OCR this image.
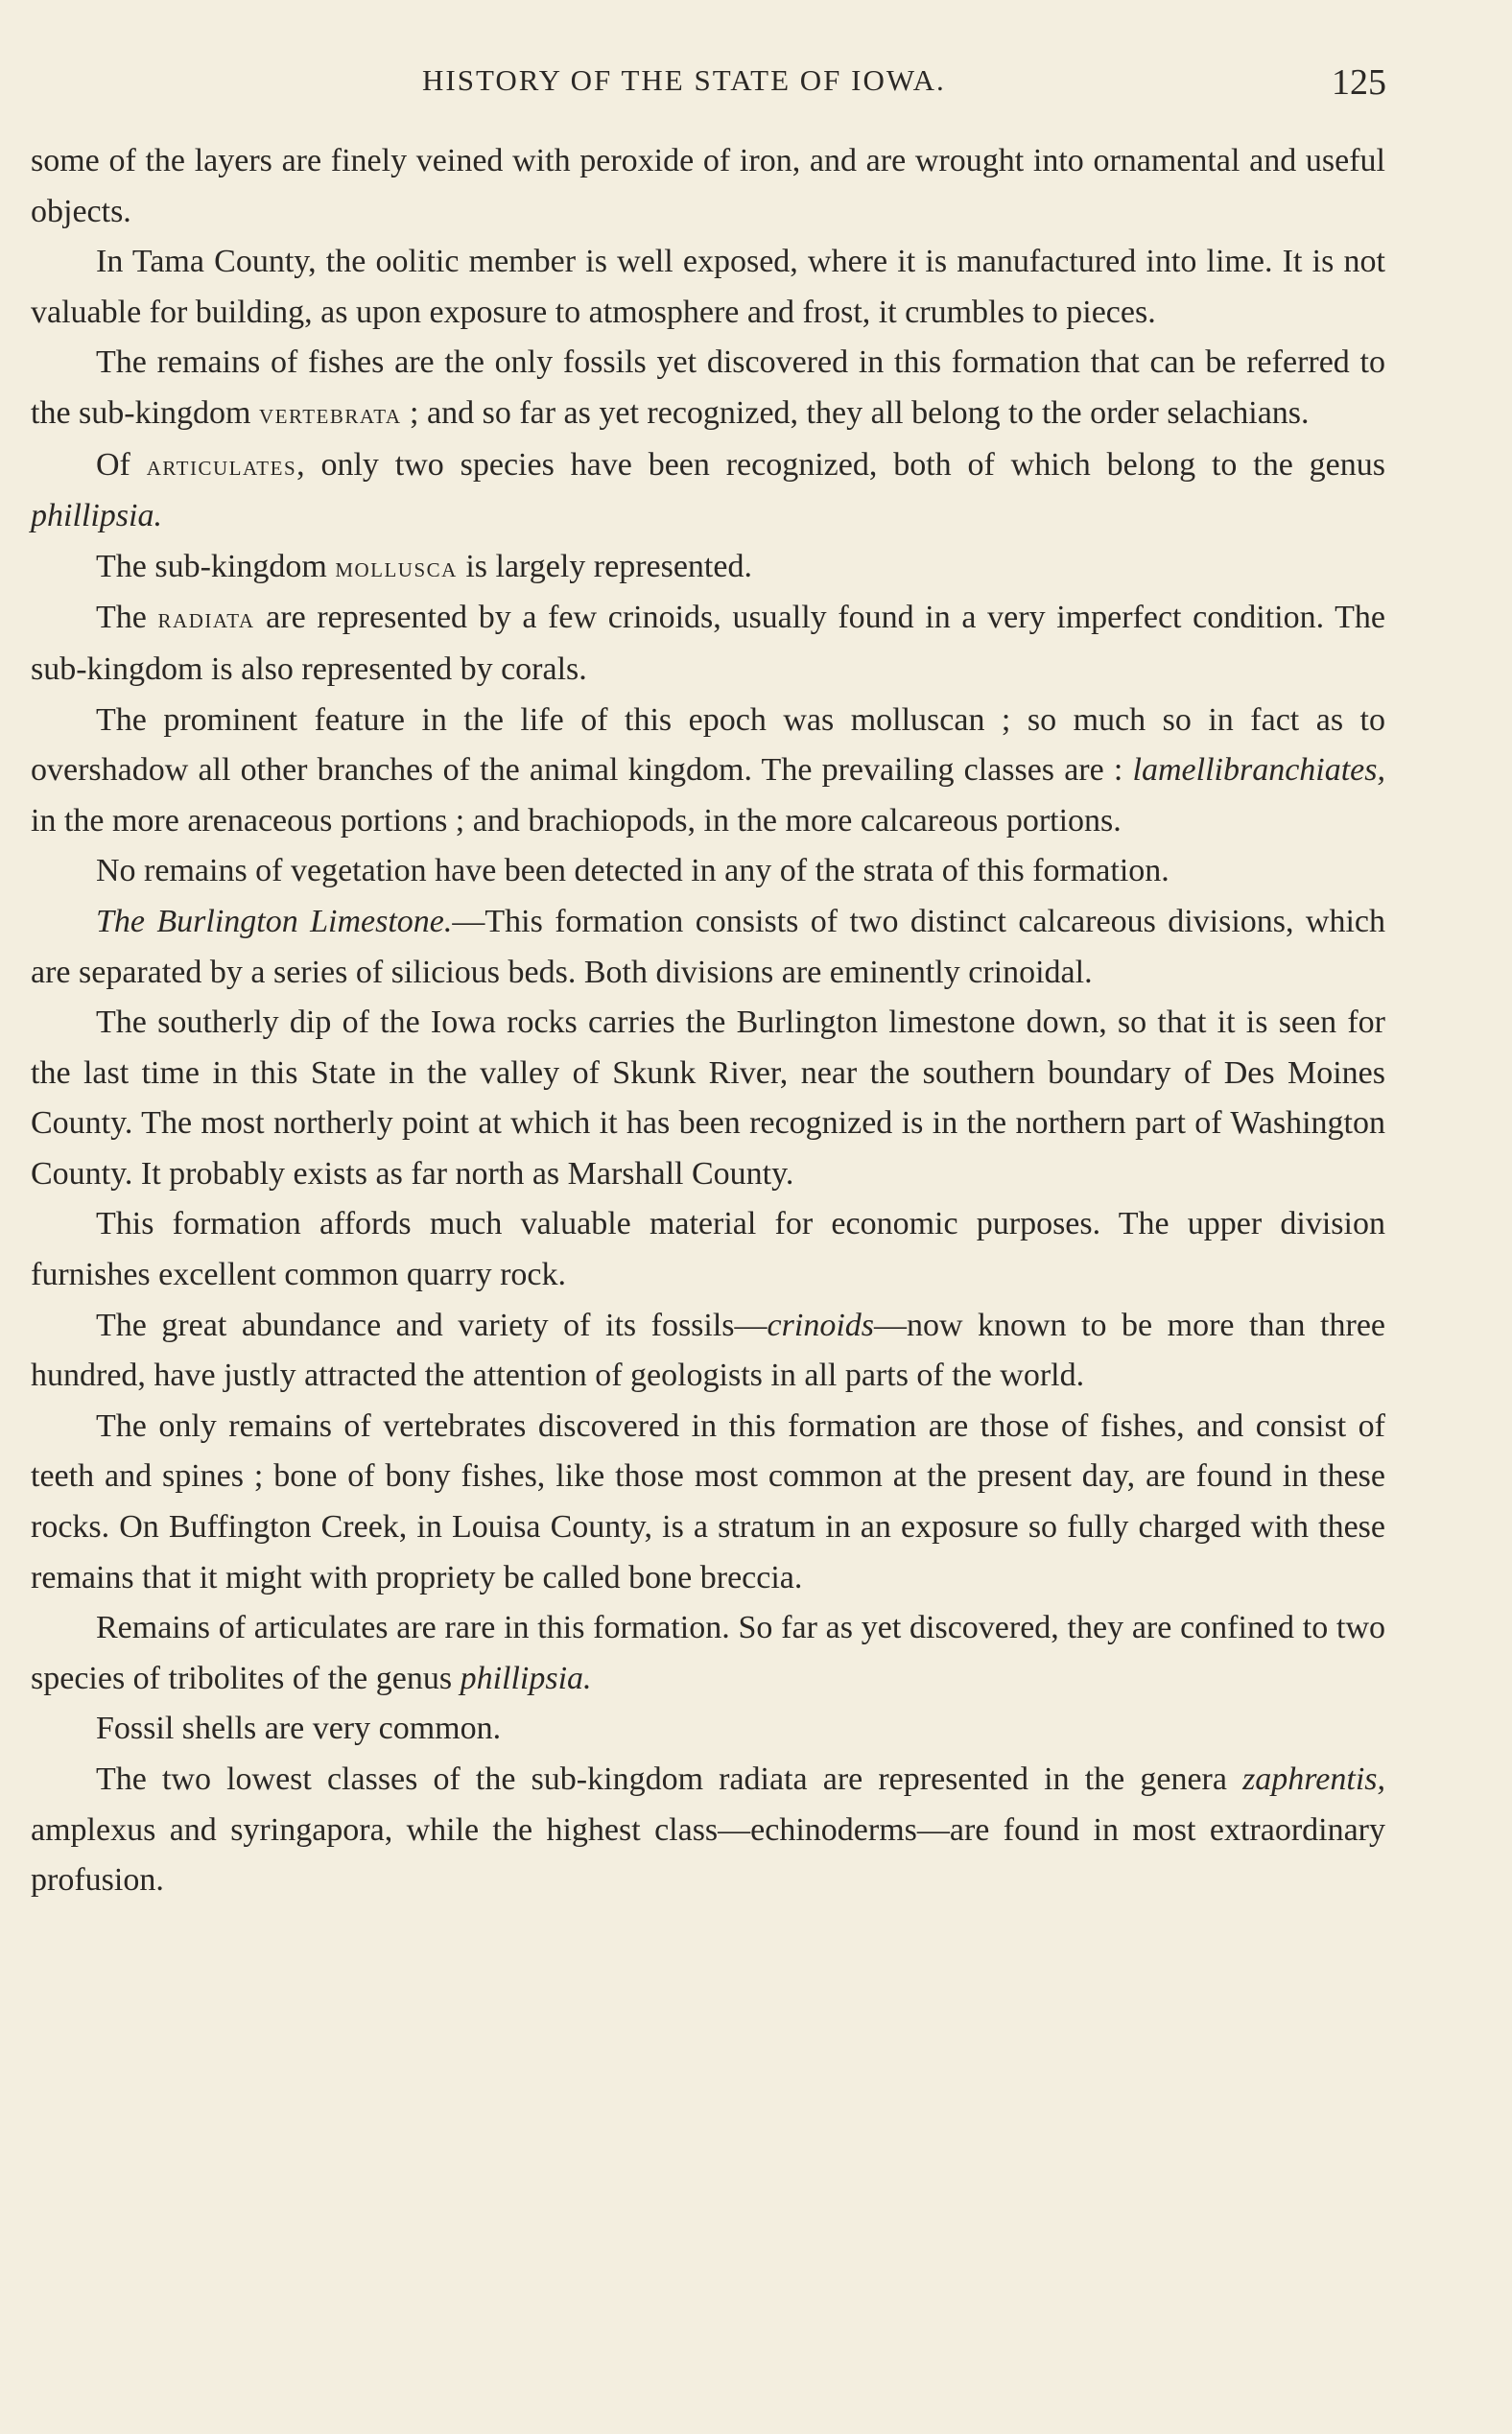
HISTORY OF THE STATE OF IOWA.	125

some of the layers are finely veined with peroxide of iron, and are wrought into ornamental and useful objects.

In Tama County, the oolitic member is well exposed, where it is manufactured into lime. It is not valuable for building, as upon exposure to atmosphere and frost, it crumbles to pieces.

The remains of fishes are the only fossils yet discovered in this formation that can be referred to the sub-kingdom vertebrata ; and so far as yet recognized, they all belong to the order selachians.

Of articulates, only two species have been recognized, both of which belong to the genus phillipsia.

The sub-kingdom mollusca is largely represented.

The radiata are represented by a few crinoids, usually found in a very imperfect condition. The sub-kingdom is also represented by corals.

The prominent feature in the life of this epoch was molluscan ; so much so in fact as to overshadow all other branches of the animal kingdom. The prevailing classes are : lamellibranchiates, in the more arenaceous portions ; and brachiopods, in the more calcareous portions.

No remains of vegetation have been detected in any of the strata of this formation.

The Burlington Limestone.—This formation consists of two distinct calcareous divisions, which are separated by a series of silicious beds. Both divisions are eminently crinoidal.

The southerly dip of the Iowa rocks carries the Burlington limestone down, so that it is seen for the last time in this State in the valley of Skunk River, near the southern boundary of Des Moines County. The most northerly point at which it has been recognized is in the northern part of Washington County. It probably exists as far north as Marshall County.

This formation affords much valuable material for economic purposes. The upper division furnishes excellent common quarry rock.

The great abundance and variety of its fossils—crinoids—now known to be more than three hundred, have justly attracted the attention of geologists in all parts of the world.

The only remains of vertebrates discovered in this formation are those of fishes, and consist of teeth and spines ; bone of bony fishes, like those most common at the present day, are found in these rocks. On Buffington Creek, in Louisa County, is a stratum in an exposure so fully charged with these remains that it might with propriety be called bone breccia.

Remains of articulates are rare in this formation. So far as yet discovered, they are confined to two species of tribolites of the genus phillipsia.

Fossil shells are very common.

The two lowest classes of the sub-kingdom radiata are represented in the genera zaphrentis, amplexus and syringapora, while the highest class—echinoderms—are found in most extraordinary profusion.
